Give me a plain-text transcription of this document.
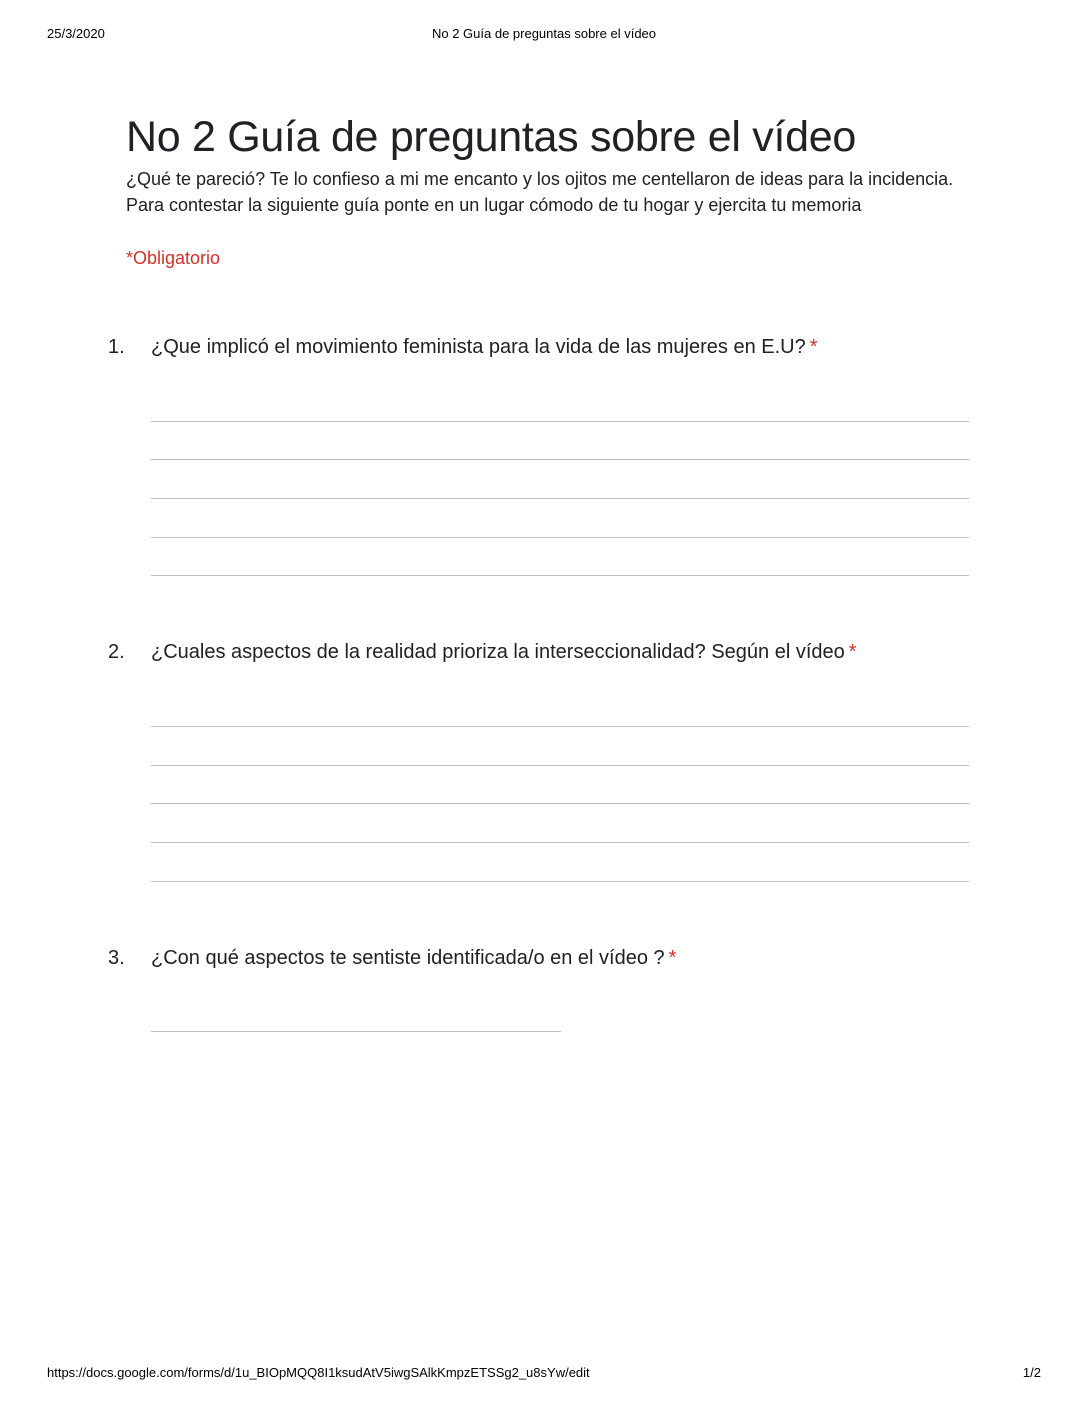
25/3/2020	No 2 Guía de preguntas sobre el vídeo
No 2 Guía de preguntas sobre el vídeo

¿Qué te pareció? Te lo confieso a mi me encanto y los ojitos me centellaron de ideas para la incidencia. Para contestar la siguiente guía ponte en un lugar cómodo de tu hogar y ejercita tu memoria

*Obligatorio
1. ¿Que implicó el movimiento feminista para la vida de las mujeres en E.U? *
2. ¿Cuales aspectos de la realidad prioriza la interseccionalidad? Según el vídeo *
3. ¿Con qué aspectos te sentiste identificada/o en el vídeo ? *
https://docs.google.com/forms/d/1u_BIOpMQQ8I1ksudAtV5iwgSAlkKmpzETSSg2_u8sYw/edit	1/2
